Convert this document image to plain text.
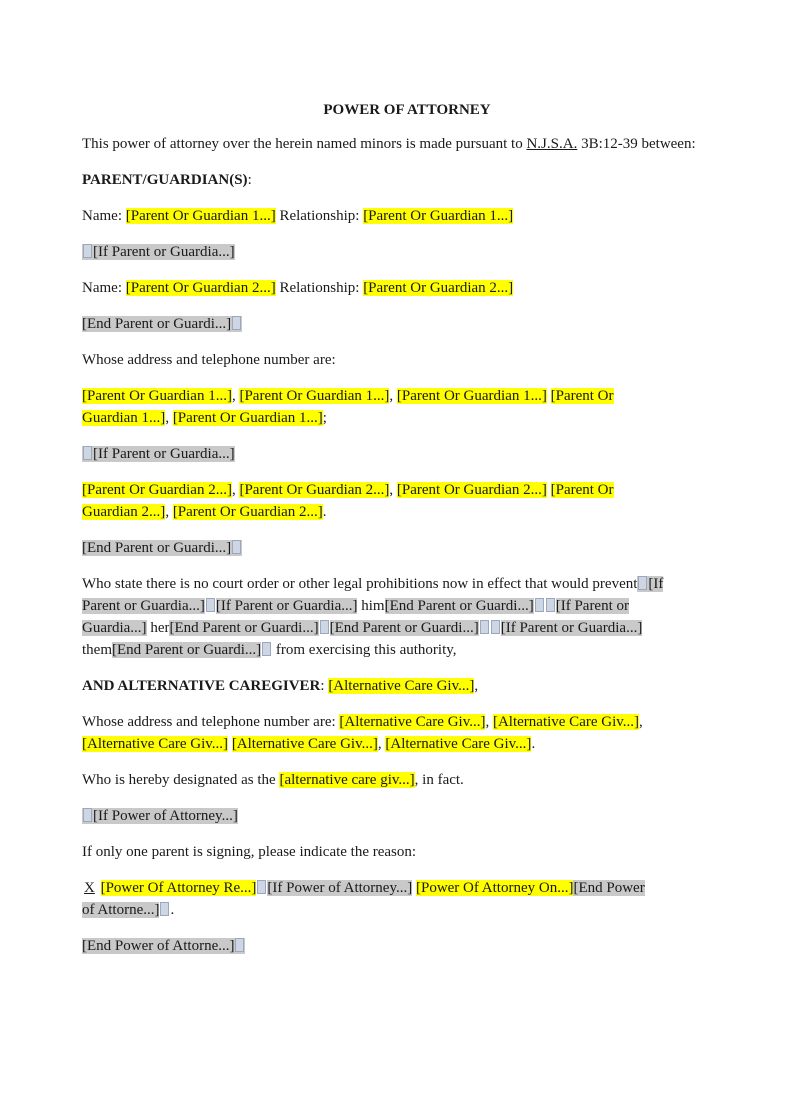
POWER OF ATTORNEY

This power of attorney over the herein named minors is made pursuant to N.J.S.A. 3B:12-39 between:

PARENT/GUARDIAN(S):

Name: [Parent Or Guardian 1...] Relationship: [Parent Or Guardian 1...]

[If Parent or Guardia...]

Name: [Parent Or Guardian 2...] Relationship: [Parent Or Guardian 2...]

[End Parent or Guardi...]

Whose address and telephone number are:

[Parent Or Guardian 1...], [Parent Or Guardian 1...], [Parent Or Guardian 1...] [Parent Or
Guardian 1...], [Parent Or Guardian 1...];

[If Parent or Guardia...]

[Parent Or Guardian 2...], [Parent Or Guardian 2...], [Parent Or Guardian 2...] [Parent Or
Guardian 2...], [Parent Or Guardian 2...].

[End Parent or Guardi...]

Who state there is no court order or other legal prohibitions now in effect that would prevent [If
Parent or Guardia...] [If Parent or Guardia...] him[End Parent or Guardi...] [If Parent or
Guardia...] her[End Parent or Guardi...] [End Parent or Guardi...] [If Parent or Guardia...]
them[End Parent or Guardi...] from exercising this authority,

AND ALTERNATIVE CAREGIVER: [Alternative Care Giv...],

Whose address and telephone number are: [Alternative Care Giv...], [Alternative Care Giv...],
[Alternative Care Giv...] [Alternative Care Giv...], [Alternative Care Giv...].

Who is hereby designated as the [alternative care giv...], in fact.

[If Power of Attorney...]

If only one parent is signing, please indicate the reason:

X [Power Of Attorney Re...] [If Power of Attorney...] [Power Of Attorney On...][End Power
of Attorne...] .

[End Power of Attorne...]
